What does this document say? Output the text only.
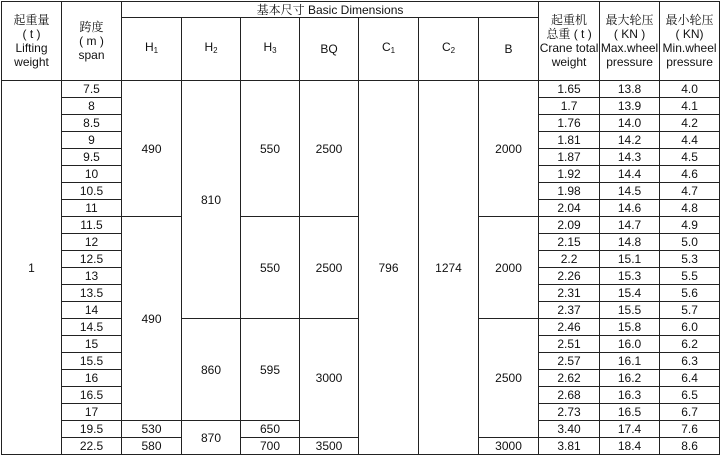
起重量
( t )
Lifting
weight	跨度
( m )
span	基本尺寸 Basic Dimensions							起重机
总重 ( t )
Crane total
weight	最大轮压
( KN )
Max.wheel
pressure	最小轮压
( KN)
Min.wheel
pressure
		$H_1$	$H_2$	$H_3$	BQ	$C_1$	$C_2$	B			
1	7.5	490	810	550	2500	796	1274	2000	1.65	13.8	4.0
	8								1.7	13.9	4.1
	8.5								1.76	14.0	4.2
	9								1.81	14.2	4.4
	9.5								1.87	14.3	4.5
	10								1.92	14.4	4.6
	10.5								1.98	14.5	4.7
	11								2.04	14.6	4.8
	11.5	490		550	2500			2000	2.09	14.7	4.9
	12								2.15	14.8	5.0
	12.5								2.2	15.1	5.3
	13								2.26	15.3	5.5
	13.5								2.31	15.4	5.6
	14								2.37	15.5	5.7
	14.5		860	595	3000			2500	2.46	15.8	6.0
	15								2.51	16.0	6.2
	15.5								2.57	16.1	6.3
	16								2.62	16.2	6.4
	16.5								2.68	16.3	6.5
	17								2.73	16.5	6.7
	19.5	530	870	650					3.40	17.4	7.6
	22.5	580		700	3500			3000	3.81	18.4	8.6
